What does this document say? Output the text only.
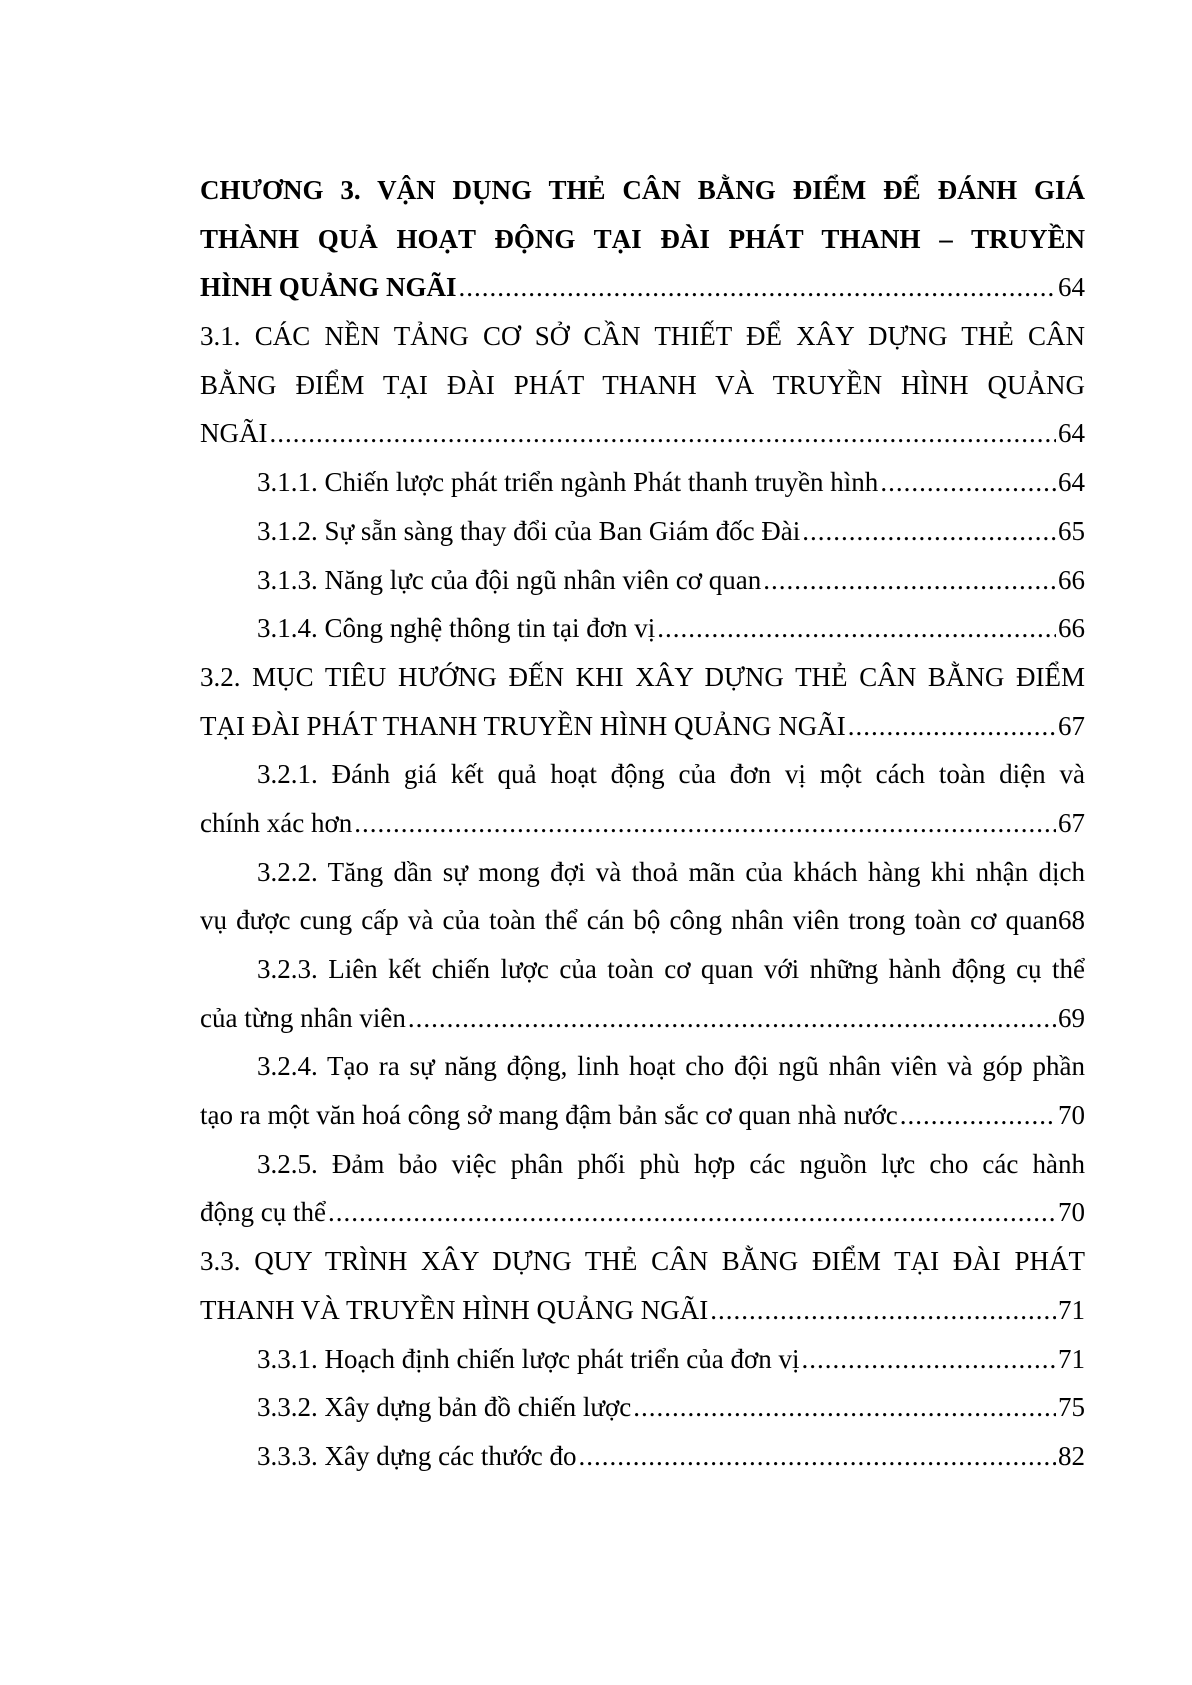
CHƯƠNG 3. VẬN DỤNG THẺ CÂN BẰNG ĐIỂM ĐỂ ĐÁNH GIÁ
THÀNH QUẢ HOẠT ĐỘNG TẠI ĐÀI PHÁT THANH – TRUYỀN
HÌNH QUẢNG NGÃI .....	64
3.1. CÁC NỀN TẢNG CƠ SỞ CẦN THIẾT ĐỂ XÂY DỰNG THẺ CÂN
BẰNG ĐIỂM TẠI ĐÀI PHÁT THANH VÀ TRUYỀN HÌNH QUẢNG
NGÃI .....	64
3.1.1. Chiến lược phát triển ngành Phát thanh truyền hình .....	64
3.1.2. Sự sẵn sàng thay đổi của Ban Giám đốc Đài .....	65
3.1.3. Năng lực của đội ngũ nhân viên cơ quan .....	66
3.1.4. Công nghệ thông tin tại đơn vị .....	66
3.2. MỤC TIÊU HƯỚNG ĐẾN KHI XÂY DỰNG THẺ CÂN BẰNG ĐIỂM
TẠI ĐÀI PHÁT THANH TRUYỀN HÌNH QUẢNG NGÃI .....	67
3.2.1. Đánh giá kết quả hoạt động của đơn vị một cách toàn diện và
chính xác hơn .....	67
3.2.2. Tăng dần sự mong đợi và thoả mãn của khách hàng khi nhận dịch
vụ được cung cấp và của toàn thể cán bộ công nhân viên trong toàn cơ quan 68
3.2.3. Liên kết chiến lược của toàn cơ quan với những hành động cụ thể
của từng nhân viên .....	69
3.2.4. Tạo ra sự năng động, linh hoạt cho đội ngũ nhân viên và góp phần
tạo ra một văn hoá công sở mang đậm bản sắc cơ quan nhà nước .....	70
3.2.5. Đảm bảo việc phân phối phù hợp các nguồn lực cho các hành
động cụ thể .....	70
3.3. QUY TRÌNH XÂY DỰNG THẺ CÂN BẰNG ĐIỂM TẠI ĐÀI PHÁT
THANH VÀ TRUYỀN HÌNH QUẢNG NGÃI .....	71
3.3.1. Hoạch định chiến lược phát triển của đơn vị .....	71
3.3.2. Xây dựng bản đồ chiến lược .....	75
3.3.3. Xây dựng các thước đo .....	82
